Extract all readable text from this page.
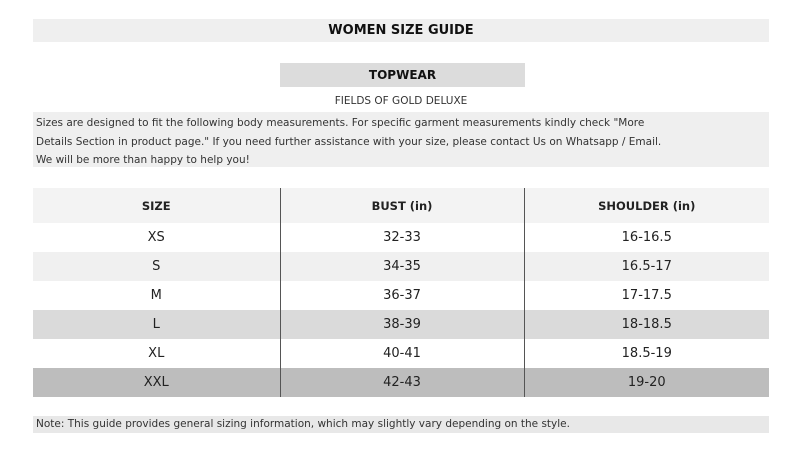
WOMEN SIZE GUIDE
TOPWEAR
FIELDS OF GOLD DELUXE
Sizes are designed to fit the following body measurements. For specific garment measurements kindly check "More
Details Section in product page." If you need further assistance with your size, please contact Us on Whatsapp / Email.
We will be more than happy to help you!
SIZE	BUST (in)	SHOULDER (in)
XS	32-33	16-16.5
S	34-35	16.5-17
M	36-37	17-17.5
L	38-39	18-18.5
XL	40-41	18.5-19
XXL	42-43	19-20
Note: This guide provides general sizing information, which may slightly vary depending on the style.
